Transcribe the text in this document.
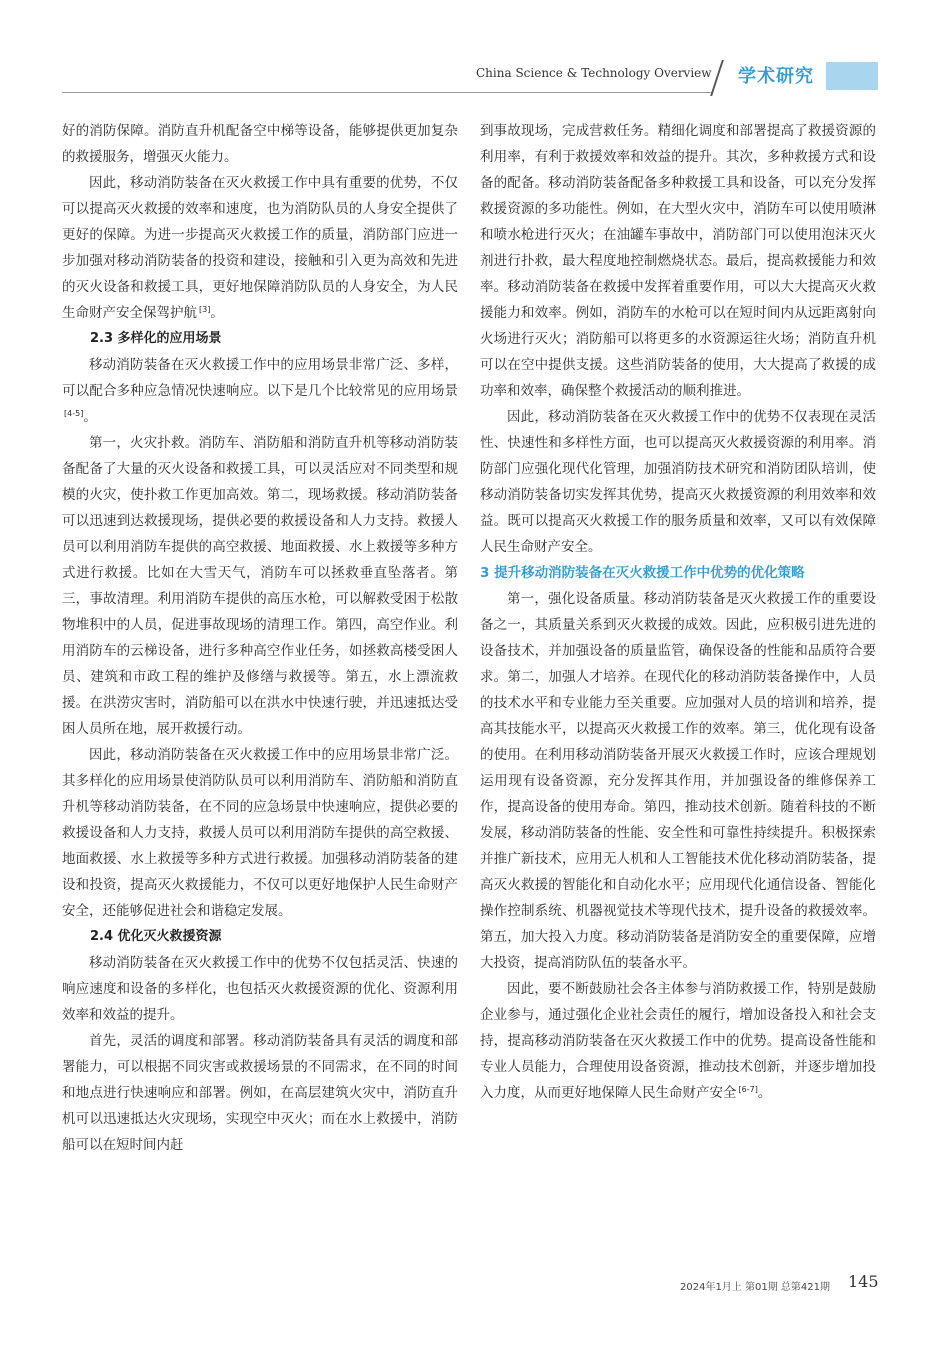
China Science & Technology Overview 学术研究

好的消防保障。消防直升机配备空中梯等设备，能够提供更加复杂的救援服务，增强灭火能力。

因此，移动消防装备在灭火救援工作中具有重要的优势，不仅可以提高灭火救援的效率和速度，也为消防队员的人身安全提供了更好的保障。为进一步提高灭火救援工作的质量，消防部门应进一步加强对移动消防装备的投资和建设，接触和引入更为高效和先进的灭火设备和救援工具，更好地保障消防队员的人身安全，为人民生命财产安全保驾护航 [3]。

2.3 多样化的应用场景

移动消防装备在灭火救援工作中的应用场景非常广泛、多样，可以配合多种应急情况快速响应。以下是几个比较常见的应用场景[4-5]。

第一，火灾扑救。消防车、消防船和消防直升机等移动消防装备配备了大量的灭火设备和救援工具，可以灵活应对不同类型和规模的火灾，使扑救工作更加高效。第二，现场救援。移动消防装备可以迅速到达救援现场，提供必要的救援设备和人力支持。救援人员可以利用消防车提供的高空救援、地面救援、水上救援等多种方式进行救援。比如在大雪天气，消防车可以拯救垂直坠落者。第三，事故清理。利用消防车提供的高压水枪，可以解救受困于松散物堆积中的人员，促进事故现场的清理工作。第四，高空作业。利用消防车的云梯设备，进行多种高空作业任务，如拯救高楼受困人员、建筑和市政工程的维护及修缮与救援等。第五，水上漂流救援。在洪涝灾害时，消防船可以在洪水中快速行驶，并迅速抵达受困人员所在地，展开救援行动。

因此，移动消防装备在灭火救援工作中的应用场景非常广泛。其多样化的应用场景使消防队员可以利用消防车、消防船和消防直升机等移动消防装备，在不同的应急场景中快速响应，提供必要的救援设备和人力支持，救援人员可以利用消防车提供的高空救援、地面救援、水上救援等多种方式进行救援。加强移动消防装备的建设和投资，提高灭火救援能力，不仅可以更好地保护人民生命财产安全，还能够促进社会和谐稳定发展。

2.4 优化灭火救援资源

移动消防装备在灭火救援工作中的优势不仅包括灵活、快速的响应速度和设备的多样化，也包括灭火救援资源的优化、资源利用效率和效益的提升。

首先，灵活的调度和部署。移动消防装备具有灵活的调度和部署能力，可以根据不同灾害或救援场景的不同需求，在不同的时间和地点进行快速响应和部署。例如，在高层建筑火灾中，消防直升机可以迅速抵达火灾现场，实现空中灭火；而在水上救援中，消防船可以在短时间内赶

到事故现场，完成营救任务。精细化调度和部署提高了救援资源的利用率，有利于救援效率和效益的提升。其次，多种救援方式和设备的配备。移动消防装备配备多种救援工具和设备，可以充分发挥救援资源的多功能性。例如，在大型火灾中，消防车可以使用喷淋和喷水枪进行灭火；在油罐车事故中，消防部门可以使用泡沫灭火剂进行扑救，最大程度地控制燃烧状态。最后，提高救援能力和效率。移动消防装备在救援中发挥着重要作用，可以大大提高灭火救援能力和效率。例如，消防车的水枪可以在短时间内从远距离射向火场进行灭火；消防船可以将更多的水资源运往火场；消防直升机可以在空中提供支援。这些消防装备的使用，大大提高了救援的成功率和效率，确保整个救援活动的顺利推进。

因此，移动消防装备在灭火救援工作中的优势不仅表现在灵活性、快速性和多样性方面，也可以提高灭火救援资源的利用率。消防部门应强化现代化管理，加强消防技术研究和消防团队培训，使移动消防装备切实发挥其优势，提高灭火救援资源的利用效率和效益。既可以提高灭火救援工作的服务质量和效率，又可以有效保障人民生命财产安全。

3 提升移动消防装备在灭火救援工作中优势的优化策略

第一，强化设备质量。移动消防装备是灭火救援工作的重要设备之一，其质量关系到灭火救援的成效。因此，应积极引进先进的设备技术，并加强设备的质量监管，确保设备的性能和品质符合要求。第二，加强人才培养。在现代化的移动消防装备操作中，人员的技术水平和专业能力至关重要。应加强对人员的培训和培养，提高其技能水平，以提高灭火救援工作的效率。第三，优化现有设备的使用。在利用移动消防装备开展灭火救援工作时，应该合理规划运用现有设备资源，充分发挥其作用，并加强设备的维修保养工作，提高设备的使用寿命。第四，推动技术创新。随着科技的不断发展，移动消防装备的性能、安全性和可靠性持续提升。积极探索并推广新技术，应用无人机和人工智能技术优化移动消防装备，提高灭火救援的智能化和自动化水平；应用现代化通信设备、智能化操作控制系统、机器视觉技术等现代技术，提升设备的救援效率。第五，加大投入力度。移动消防装备是消防安全的重要保障，应增大投资，提高消防队伍的装备水平。

因此，要不断鼓励社会各主体参与消防救援工作，特别是鼓励企业参与，通过强化企业社会责任的履行，增加设备投入和社会支持，提高移动消防装备在灭火救援工作中的优势。提高设备性能和专业人员能力，合理使用设备资源，推动技术创新，并逐步增加投入力度，从而更好地保障人民生命财产安全 [6-7]。

2024年1月上 第01期 总第421期 145
